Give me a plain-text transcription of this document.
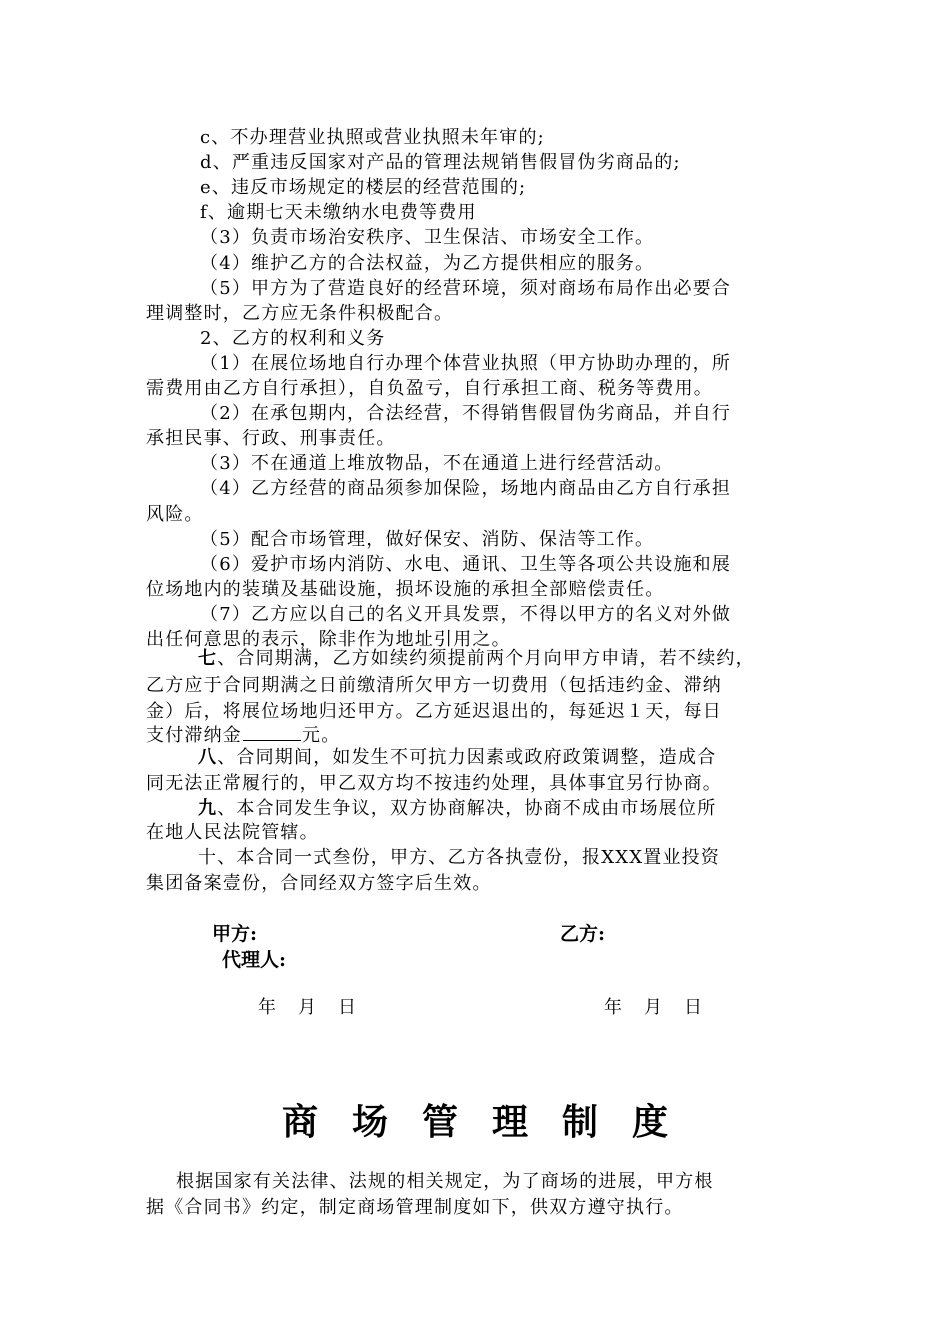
c、不办理营业执照或营业执照未年审的;
d、严重违反国家对产品的管理法规销售假冒伪劣商品的;
e、违反市场规定的楼层的经营范围的;
f、逾期七天未缴纳水电费等费用
（3）负责市场治安秩序、卫生保洁、市场安全工作。
（4）维护乙方的合法权益，为乙方提供相应的服务。
（5）甲方为了营造良好的经营环境，须对商场布局作出必要合
理调整时，乙方应无条件积极配合。
2、乙方的权利和义务
（1）在展位场地自行办理个体营业执照（甲方协助办理的，所
需费用由乙方自行承担），自负盈亏，自行承担工商、税务等费用。
（2）在承包期内，合法经营，不得销售假冒伪劣商品，并自行
承担民事、行政、刑事责任。
（3）不在通道上堆放物品，不在通道上进行经营活动。
（4）乙方经营的商品须参加保险，场地内商品由乙方自行承担
风险。
（5）配合市场管理，做好保安、消防、保洁等工作。
（6）爱护市场内消防、水电、通讯、卫生等各项公共设施和展
位场地内的装璜及基础设施，损坏设施的承担全部赔偿责任。
（7）乙方应以自己的名义开具发票，不得以甲方的名义对外做
出任何意思的表示，除非作为地址引用之。
七、合同期满，乙方如续约须提前两个月向甲方申请，若不续约，
乙方应于合同期满之日前缴清所欠甲方一切费用（包括违约金、滞纳
金）后，将展位场地归还甲方。乙方延迟退出的，每延迟１天，每日
支付滞纳金	元。
八、合同期间，如发生不可抗力因素或政府政策调整，造成合
同无法正常履行的，甲乙双方均不按违约处理，具体事宜另行协商。
九、本合同发生争议，双方协商解决，协商不成由市场展位所
在地人民法院管辖。
十、本合同一式叁份，甲方、乙方各执壹份，报XXX置业投资
集团备案壹份，合同经双方签字后生效。
甲方:	乙方:
代理人:
年 月 日	年 月 日
商场管理制度
根据国家有关法律、法规的相关规定，为了商场的进展，甲方根
据《合同书》约定，制定商场管理制度如下，供双方遵守执行。
